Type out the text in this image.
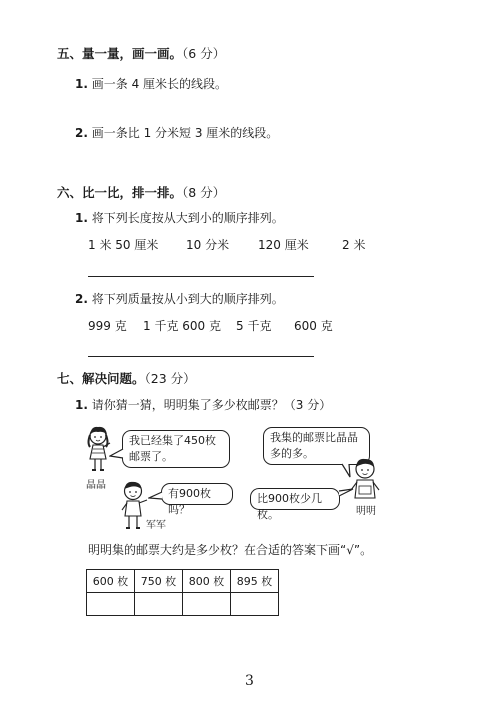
五、量一量，画一画。（6 分）
1. 画一条 4 厘米长的线段。
2. 画一条比 1 分米短 3 厘米的线段。
六、比一比，排一排。（8 分）
1. 将下列长度按从大到小的顺序排列。
1 米 50 厘米 10 分米 120 厘米	2 米
2. 将下列质量按从小到大的顺序排列。
999 克 1 千克 600 克 5 千克 600 克
七、解决问题。（23 分）
1. 请你猜一猜，明明集了多少枚邮票？（3 分）
晶晶
我已经集了450枚邮票了。
军军
有900枚吗？
我集的邮票比晶晶多的多。
比900枚少几枚。	明明
明明集的邮票大约是多少枚？在合适的答案下画“√”。
600 枚	750 枚	800 枚	895 枚

3
